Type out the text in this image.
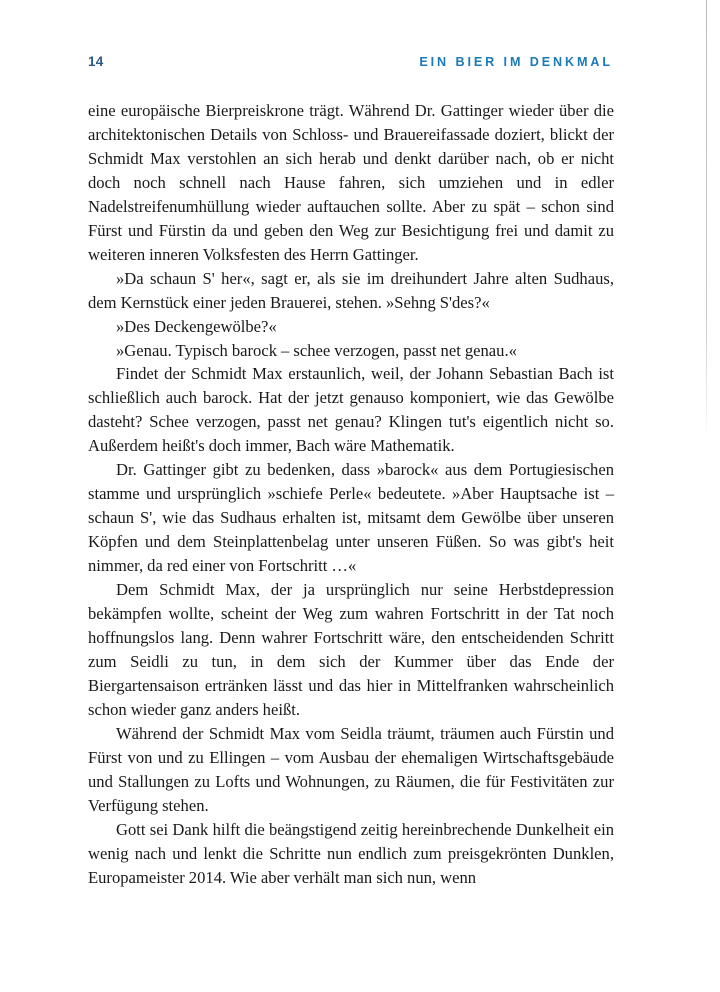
14	EIN BIER IM DENKMAL

eine europäische Bierpreiskrone trägt. Während Dr. Gattinger wieder über die architektonischen Details von Schloss- und Brauereifassade doziert, blickt der Schmidt Max verstohlen an sich herab und denkt darüber nach, ob er nicht doch noch schnell nach Hause fahren, sich umziehen und in edler Nadelstreifenumhüllung wieder auftauchen sollte. Aber zu spät – schon sind Fürst und Fürstin da und geben den Weg zur Besichtigung frei und damit zu weiteren inneren Volksfesten des Herrn Gattinger.

»Da schaun S' her«, sagt er, als sie im dreihundert Jahre alten Sudhaus, dem Kernstück einer jeden Brauerei, stehen. »Sehng S'des?«

»Des Deckengewölbe?«

»Genau. Typisch barock – schee verzogen, passt net genau.«

Findet der Schmidt Max erstaunlich, weil, der Johann Sebastian Bach ist schließlich auch barock. Hat der jetzt genauso komponiert, wie das Gewölbe dasteht? Schee verzogen, passt net genau? Klingen tut's eigentlich nicht so. Außerdem heißt's doch immer, Bach wäre Mathematik.

Dr. Gattinger gibt zu bedenken, dass »barock« aus dem Portugiesischen stamme und ursprünglich »schiefe Perle« bedeutete. »Aber Hauptsache ist – schaun S', wie das Sudhaus erhalten ist, mitsamt dem Gewölbe über unseren Köpfen und dem Steinplattenbelag unter unseren Füßen. So was gibt's heit nimmer, da red einer von Fortschritt …«

Dem Schmidt Max, der ja ursprünglich nur seine Herbstdepression bekämpfen wollte, scheint der Weg zum wahren Fortschritt in der Tat noch hoffnungslos lang. Denn wahrer Fortschritt wäre, den entscheidenden Schritt zum Seidli zu tun, in dem sich der Kummer über das Ende der Biergartensaison ertränken lässt und das hier in Mittelfranken wahrscheinlich schon wieder ganz anders heißt.

Während der Schmidt Max vom Seidla träumt, träumen auch Fürstin und Fürst von und zu Ellingen – vom Ausbau der ehemaligen Wirtschaftsgebäude und Stallungen zu Lofts und Wohnungen, zu Räumen, die für Festivitäten zur Verfügung stehen.

Gott sei Dank hilft die beängstigend zeitig hereinbrechende Dunkelheit ein wenig nach und lenkt die Schritte nun endlich zum preisgekrönten Dunklen, Europameister 2014. Wie aber verhält man sich nun, wenn
